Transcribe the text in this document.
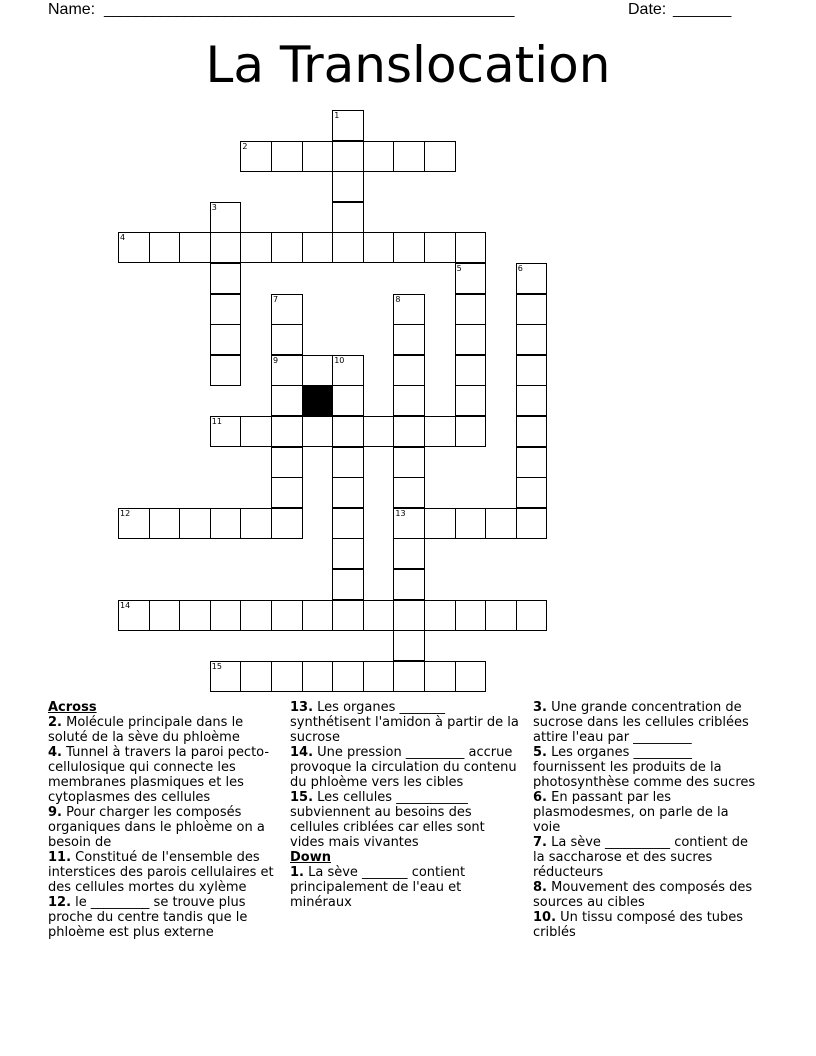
Name: ___________________________________________________	Date: _______
La Translocation
1
2
3
4
5	6
7
9
8
13
10
11
12
14
15
Across
2. Molécule principale dans le soluté de la sève du phloème
4. Tunnel à travers la paroi pecto-cellulosique qui connecte les membranes plasmiques et les cytoplasmes des cellules
9. Pour charger les composés organiques dans le phloème on a besoin de
11. Constitué de l'ensemble des interstices des parois cellulaires et des cellules mortes du xylème
12. le _________ se trouve plus proche du centre tandis que le phloème est plus externe
13. Les organes _______ synthétisent l'amidon à partir de la sucrose
14. Une pression _________ accrue provoque la circulation du contenu du phloème vers les cibles
15. Les cellules ___________ subviennent au besoins des cellules criblées car elles sont vides mais vivantes
Down
1. La sève _______ contient principalement de l'eau et minéraux
3. Une grande concentration de sucrose dans les cellules criblées attire l'eau par _________
5. Les organes _________ fournissent les produits de la photosynthèse comme des sucres
6. En passant par les plasmodesmes, on parle de la voie
7. La sève __________ contient de la saccharose et des sucres réducteurs
8. Mouvement des composés des sources au cibles
10. Un tissu composé des tubes criblés
